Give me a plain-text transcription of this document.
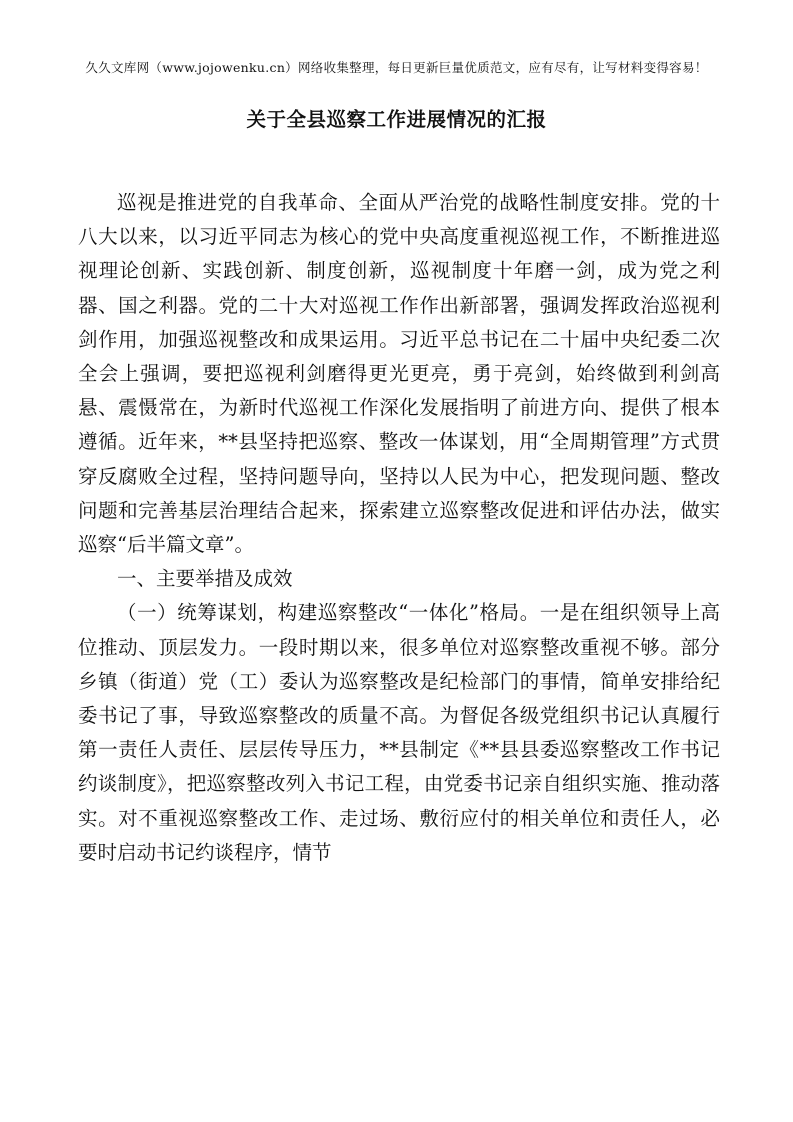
久久文库网（www.jojowenku.cn）网络收集整理，每日更新巨量优质范文，应有尽有，让写材料变得容易！
关于全县巡察工作进展情况的汇报

巡视是推进党的自我革命、全面从严治党的战略性制度安排。党的十八大以来，以习近平同志为核心的党中央高度重视巡视工作，不断推进巡视理论创新、实践创新、制度创新，巡视制度十年磨一剑，成为党之利器、国之利器。党的二十大对巡视工作作出新部署，强调发挥政治巡视利剑作用，加强巡视整改和成果运用。习近平总书记在二十届中央纪委二次全会上强调，要把巡视利剑磨得更光更亮，勇于亮剑，始终做到利剑高悬、震慑常在，为新时代巡视工作深化发展指明了前进方向、提供了根本遵循。近年来，**县坚持把巡察、整改一体谋划，用“全周期管理”方式贯穿反腐败全过程，坚持问题导向，坚持以人民为中心，把发现问题、整改问题和完善基层治理结合起来，探索建立巡察整改促进和评估办法，做实巡察“后半篇文章”。

一、主要举措及成效

（一）统筹谋划，构建巡察整改“一体化”格局。一是在组织领导上高位推动、顶层发力。一段时期以来，很多单位对巡察整改重视不够。部分乡镇（街道）党（工）委认为巡察整改是纪检部门的事情，简单安排给纪委书记了事，导致巡察整改的质量不高。为督促各级党组织书记认真履行第一责任人责任、层层传导压力，**县制定《**县县委巡察整改工作书记约谈制度》，把巡察整改列入书记工程，由党委书记亲自组织实施、推动落实。对不重视巡察整改工作、走过场、敷衍应付的相关单位和责任人，必要时启动书记约谈程序，情节
